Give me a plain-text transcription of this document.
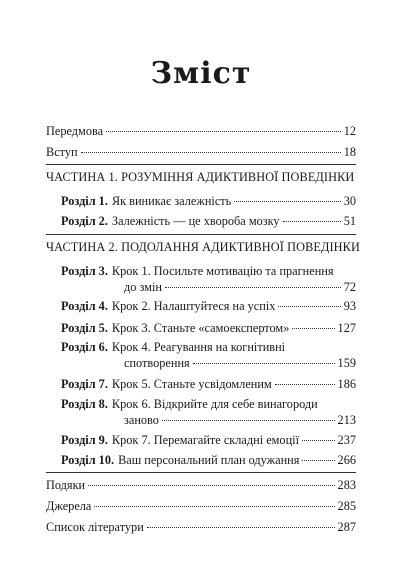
Зміст
Передмова	12
Вступ	18
ЧАСТИНА 1. РОЗУМІННЯ АДИКТИВНОЇ ПОВЕДІНКИ
Розділ 1. Як виникає залежність	30
Розділ 2. Залежність — це хвороба мозку	51
ЧАСТИНА 2. ПОДОЛАННЯ АДИКТИВНОЇ ПОВЕДІНКИ
Розділ 3. Крок 1. Посильте мотивацію та прагнення
до змін	72
Розділ 4. Крок 2. Налаштуйтеся на успіх	93
Розділ 5. Крок 3. Станьте «самоекспертом»	127
Розділ 6. Крок 4. Реагування на когнітивні
спотворення	159
Розділ 7. Крок 5. Станьте усвідомленим	186
Розділ 8. Крок 6. Відкрийте для себе винагороди
заново	213
Розділ 9. Крок 7. Перемагайте складні емоції	237
Розділ 10. Ваш персональний план одужання	266
Подяки	283
Джерела	285
Список літератури	287
